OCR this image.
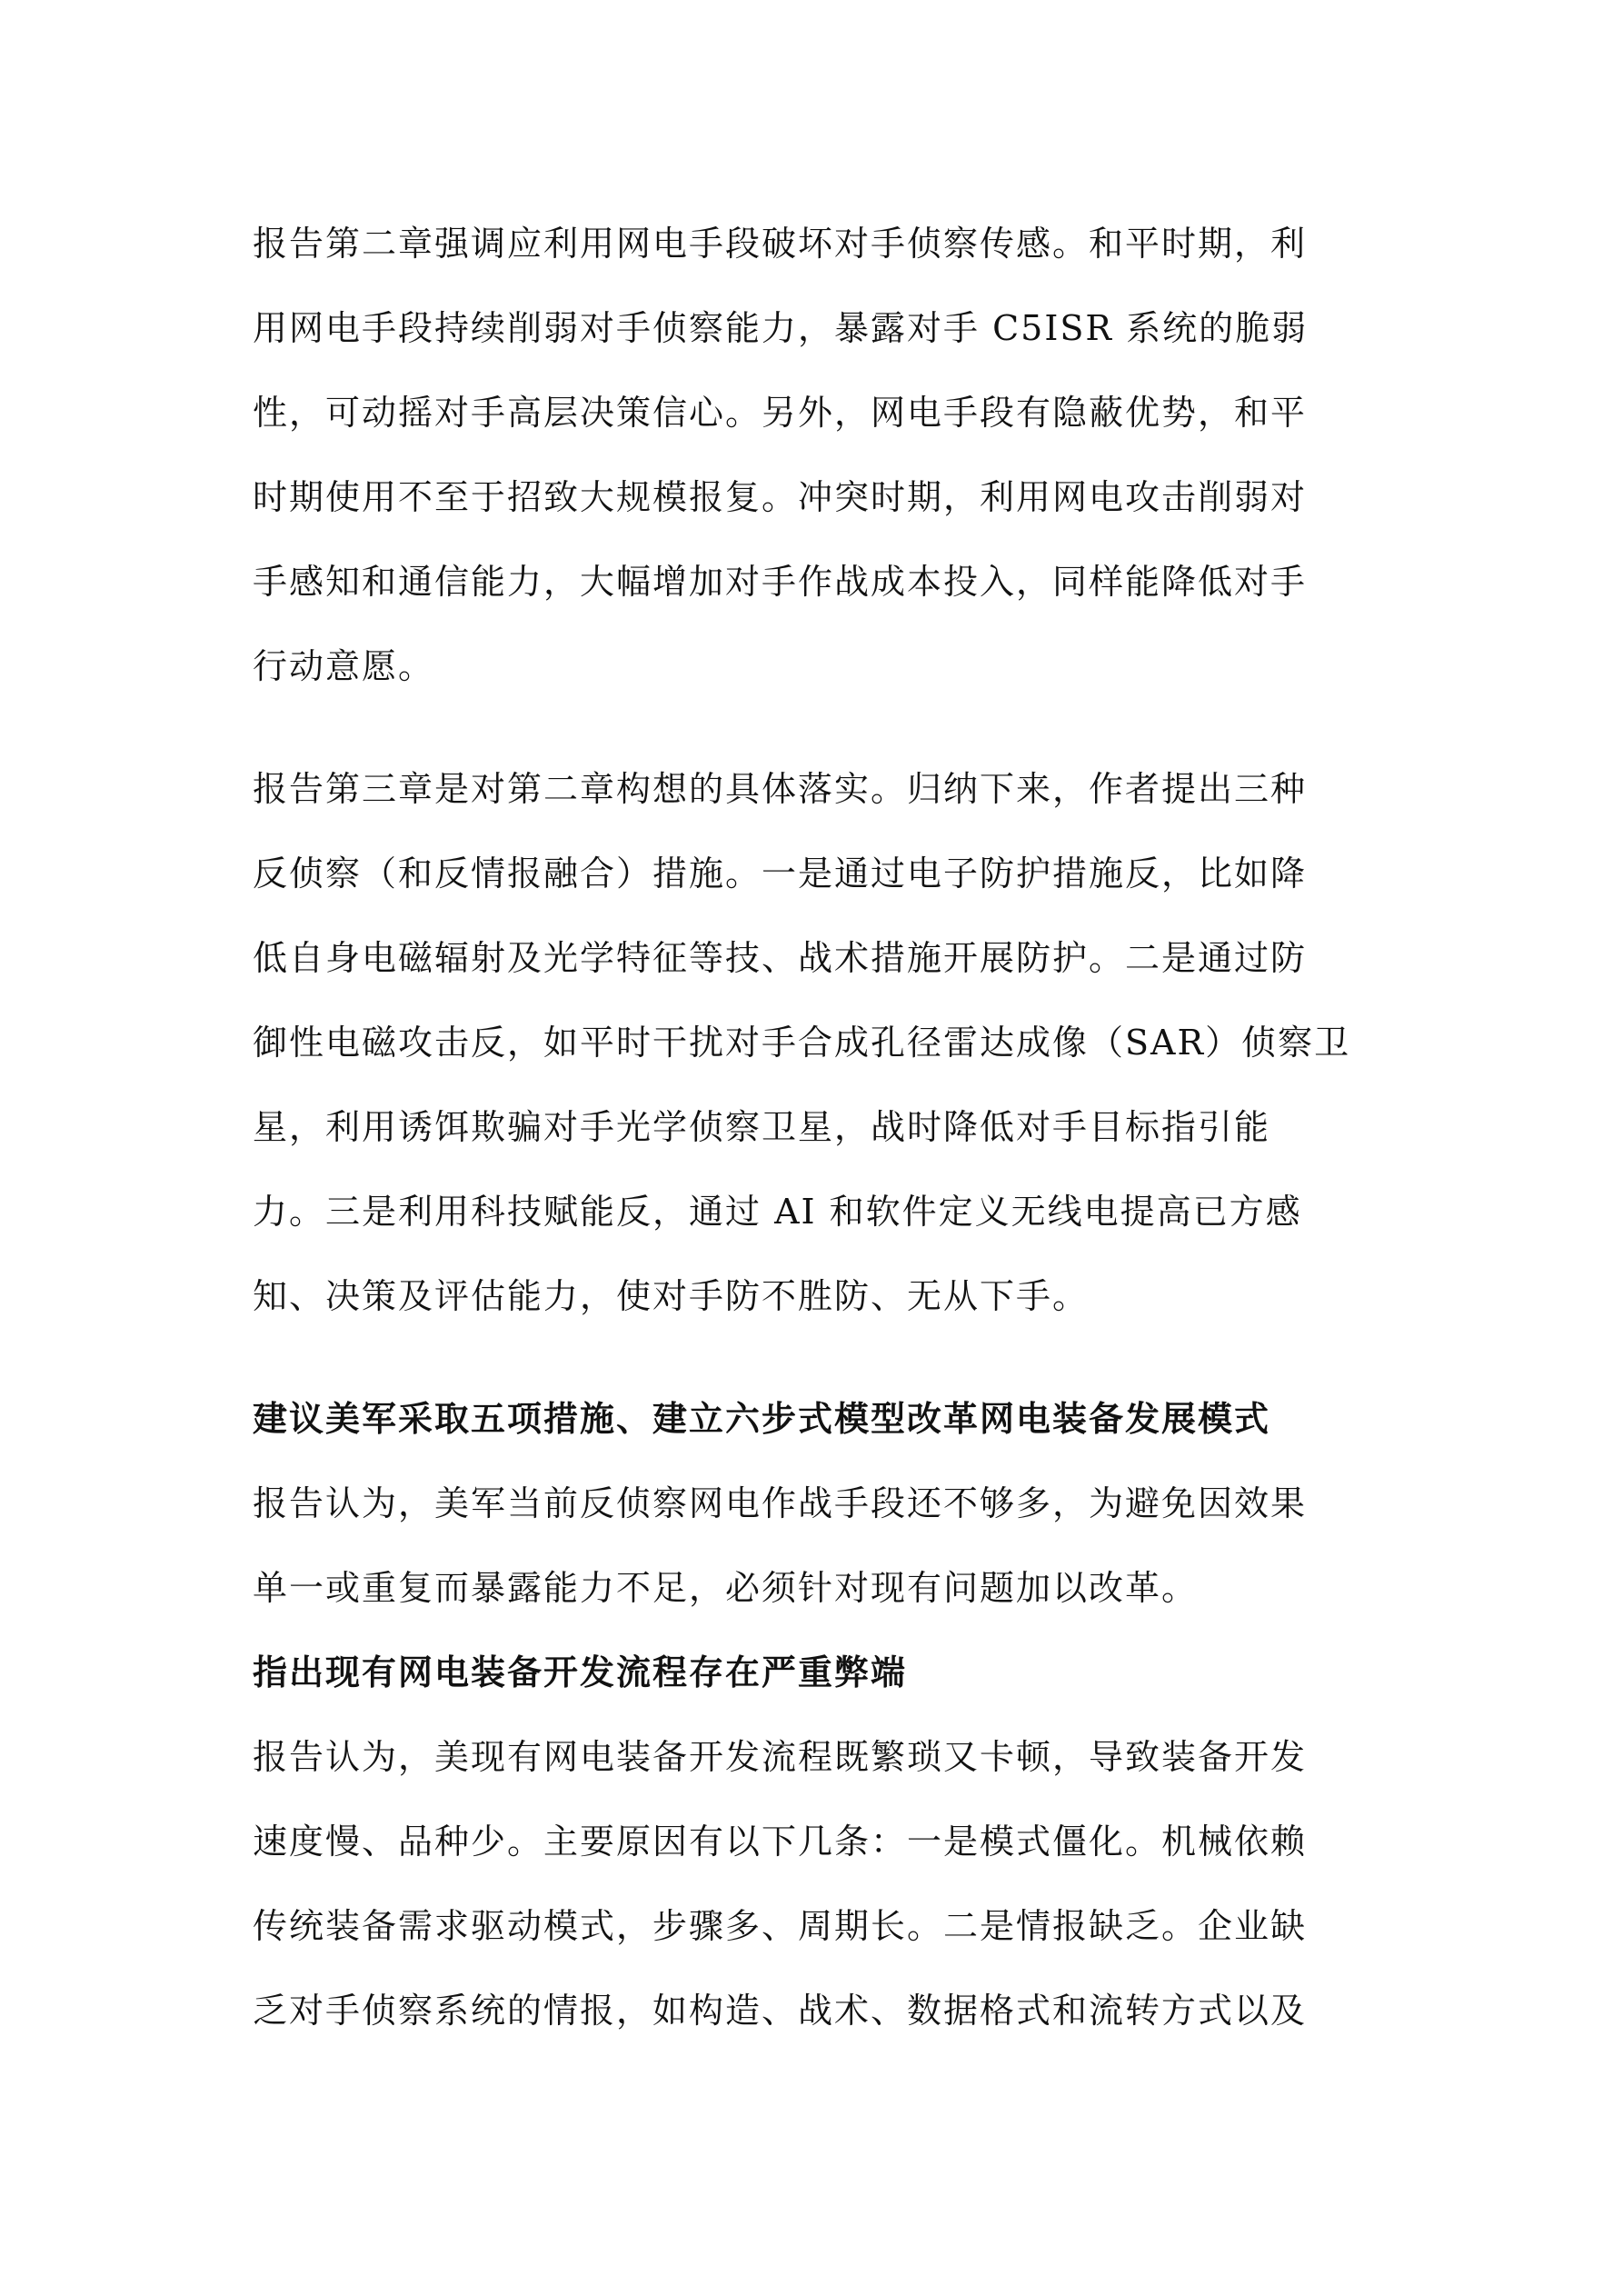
报告第二章强调应利用网电手段破坏对手侦察传感。和平时期，利
用网电手段持续削弱对手侦察能力，暴露对手 C5ISR 系统的脆弱
性，可动摇对手高层决策信心。另外，网电手段有隐蔽优势，和平
时期使用不至于招致大规模报复。冲突时期，利用网电攻击削弱对
手感知和通信能力，大幅增加对手作战成本投入，同样能降低对手
行动意愿。
报告第三章是对第二章构想的具体落实。归纳下来，作者提出三种
反侦察（和反情报融合）措施。一是通过电子防护措施反，比如降
低自身电磁辐射及光学特征等技、战术措施开展防护。二是通过防
御性电磁攻击反，如平时干扰对手合成孔径雷达成像（SAR）侦察卫
星，利用诱饵欺骗对手光学侦察卫星，战时降低对手目标指引能
力。三是利用科技赋能反，通过 AI 和软件定义无线电提高已方感
知、决策及评估能力，使对手防不胜防、无从下手。
建议美军采取五项措施、建立六步式模型改革网电装备发展模式
报告认为，美军当前反侦察网电作战手段还不够多，为避免因效果
单一或重复而暴露能力不足，必须针对现有问题加以改革。
指出现有网电装备开发流程存在严重弊端
报告认为，美现有网电装备开发流程既繁琐又卡顿，导致装备开发
速度慢、品种少。主要原因有以下几条：一是模式僵化。机械依赖
传统装备需求驱动模式，步骤多、周期长。二是情报缺乏。企业缺
乏对手侦察系统的情报，如构造、战术、数据格式和流转方式以及
